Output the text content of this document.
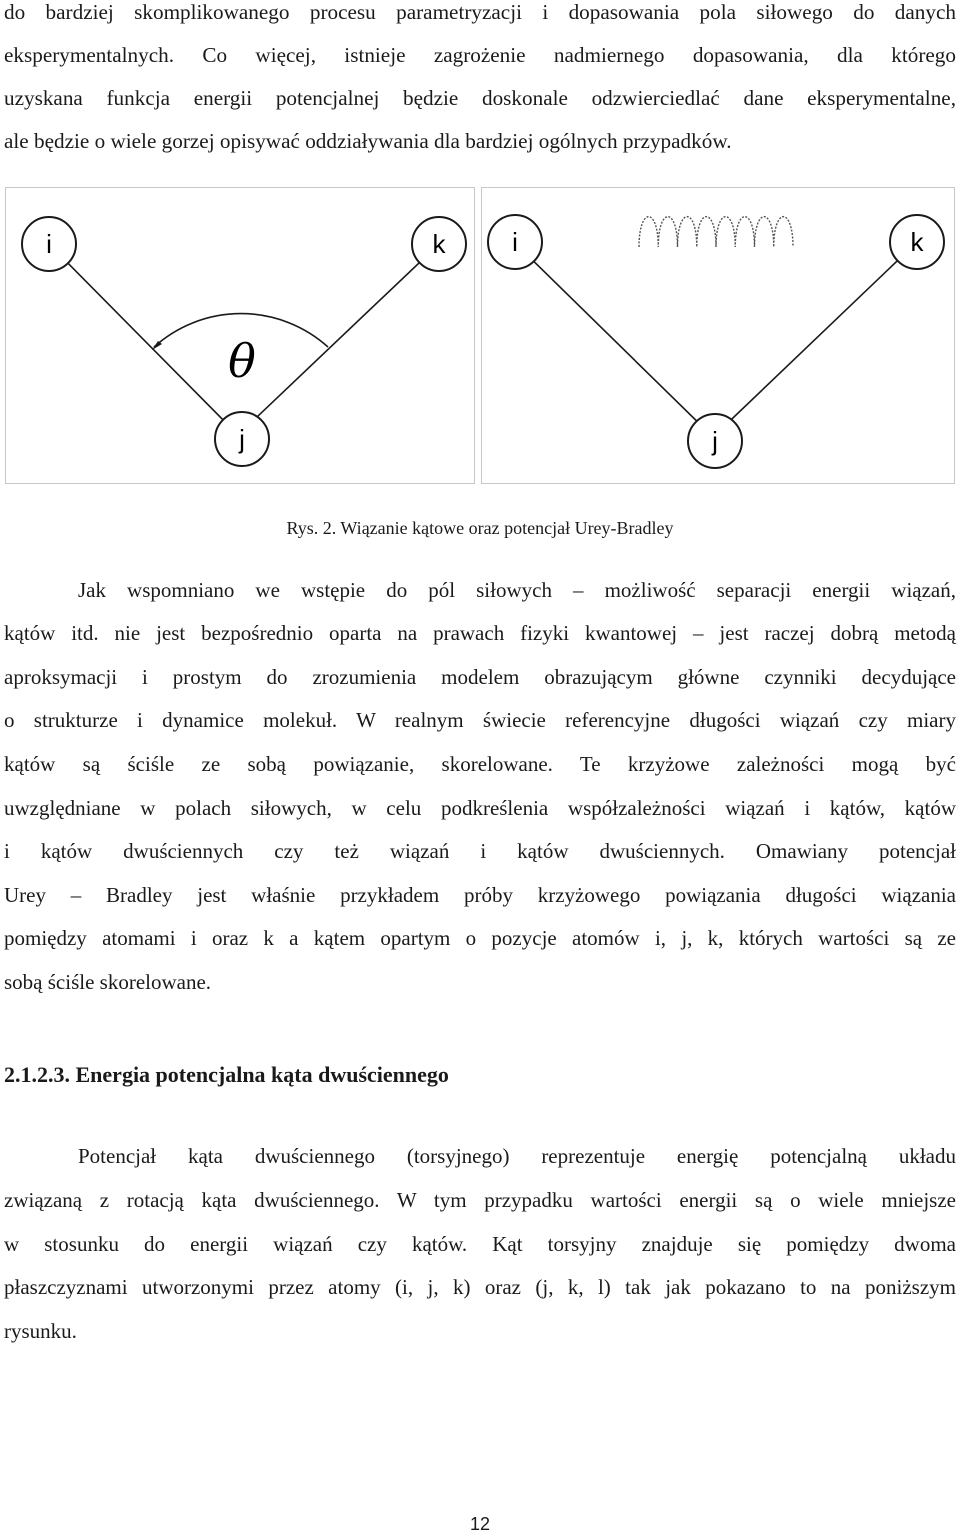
do bardziej skomplikowanego procesu parametryzacji i dopasowania pola siłowego do danych
eksperymentalnych. Co więcej, istnieje zagrożenie nadmiernego dopasowania, dla którego
uzyskana funkcja energii potencjalnej będzie doskonale odzwierciedlać dane eksperymentalne,
ale będzie o wiele gorzej opisywać oddziaływania dla bardziej ogólnych przypadków.
i	k
j
θ
i	k
j
Rys. 2. Wiązanie kątowe oraz potencjał Urey-Bradley
Jak wspomniano we wstępie do pól siłowych – możliwość separacji energii wiązań,
kątów itd. nie jest bezpośrednio oparta na prawach fizyki kwantowej – jest raczej dobrą metodą
aproksymacji i prostym do zrozumienia modelem obrazującym główne czynniki decydujące
o strukturze i dynamice molekuł. W realnym świecie referencyjne długości wiązań czy miary
kątów są ściśle ze sobą powiązanie, skorelowane. Te krzyżowe zależności mogą być
uwzględniane w polach siłowych, w celu podkreślenia współzależności wiązań i kątów, kątów
i kątów dwuściennych czy też wiązań i kątów dwuściennych. Omawiany potencjał
Urey – Bradley jest właśnie przykładem próby krzyżowego powiązania długości wiązania
pomiędzy atomami i oraz k a kątem opartym o pozycje atomów i, j, k, których wartości są ze
sobą ściśle skorelowane.
2.1.2.3. Energia potencjalna kąta dwuściennego
Potencjał kąta dwuściennego (torsyjnego) reprezentuje energię potencjalną układu
związaną z rotacją kąta dwuściennego. W tym przypadku wartości energii są o wiele mniejsze
w stosunku do energii wiązań czy kątów. Kąt torsyjny znajduje się pomiędzy dwoma
płaszczyznami utworzonymi przez atomy (i, j, k) oraz (j, k, l) tak jak pokazano to na poniższym
rysunku.
12
